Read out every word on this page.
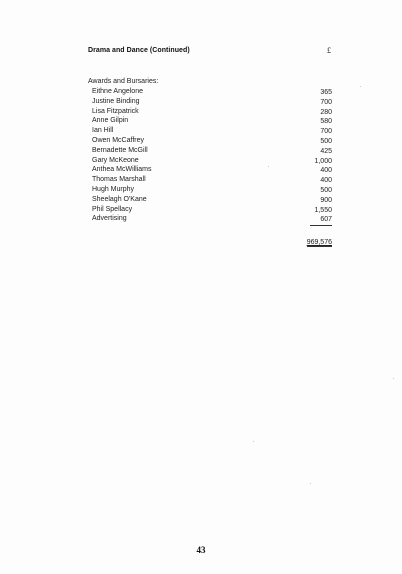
Drama and Dance (Continued)	£
Awards and Bursaries:
Eithne Angelone	365
Justine Binding	700
Lisa Fitzpatrick	280
Anne Gilpin	580
Ian Hill	700
Owen McCaffrey	500
Bernadette McGill	425
Gary McKeone	1,000
Anthea McWilliams	400
Thomas Marshall	400
Hugh Murphy	500
Sheelagh O'Kane	900
Phil Spellacy	1,550
Advertising	607
969,576
43
